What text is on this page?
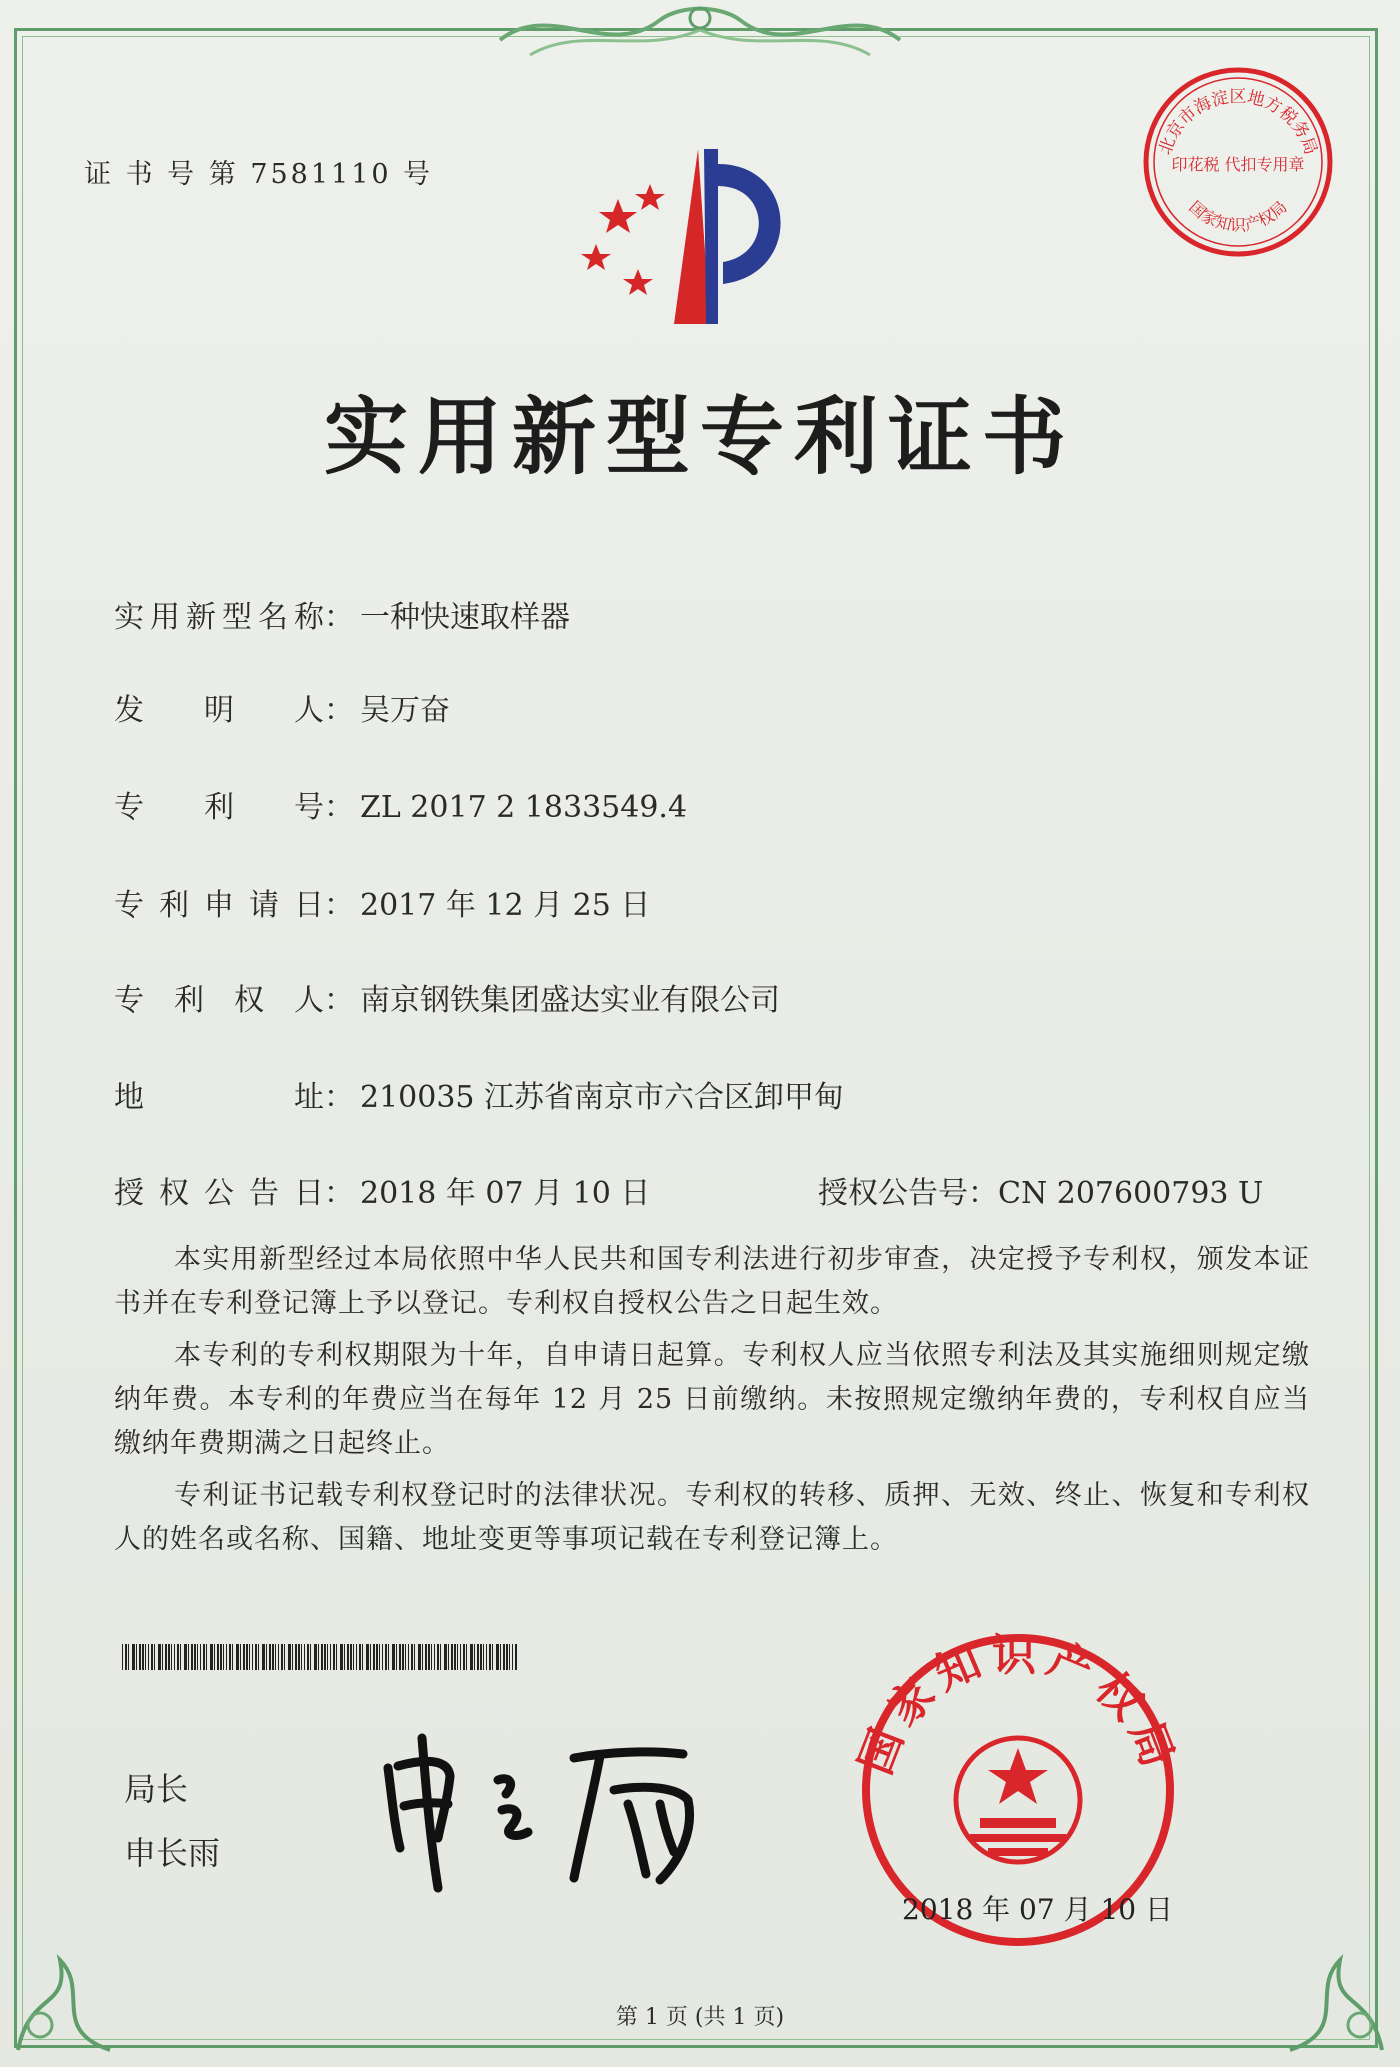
证 书 号 第 7581110 号
实用新型专利证书
实用新型名称： 一种快速取样器
发 明 人： 吴万奋
专 利 号： ZL 2017 2 1833549.4
专利申请日： 2017 年 12 月 25 日
专 利 权 人： 南京钢铁集团盛达实业有限公司
地 址： 210035 江苏省南京市六合区卸甲甸
授权公告日： 2018 年 07 月 10 日	授权公告号：CN 207600793 U
本实用新型经过本局依照中华人民共和国专利法进行初步审查，决定授予专利权，颁发本证书并在专利登记簿上予以登记。专利权自授权公告之日起生效。
本专利的专利权期限为十年，自申请日起算。专利权人应当依照专利法及其实施细则规定缴纳年费。本专利的年费应当在每年 12 月 25 日前缴纳。未按照规定缴纳年费的，专利权自应当缴纳年费期满之日起终止。
专利证书记载专利权登记时的法律状况。专利权的转移、质押、无效、终止、恢复和专利权人的姓名或名称、国籍、地址变更等事项记载在专利登记簿上。
局长
申长雨
北京市海淀区地方税务局
印花税 代扣专用章
国家知识产权局
国家知识产权局
2018 年 07 月 10 日
第 1 页 (共 1 页)
